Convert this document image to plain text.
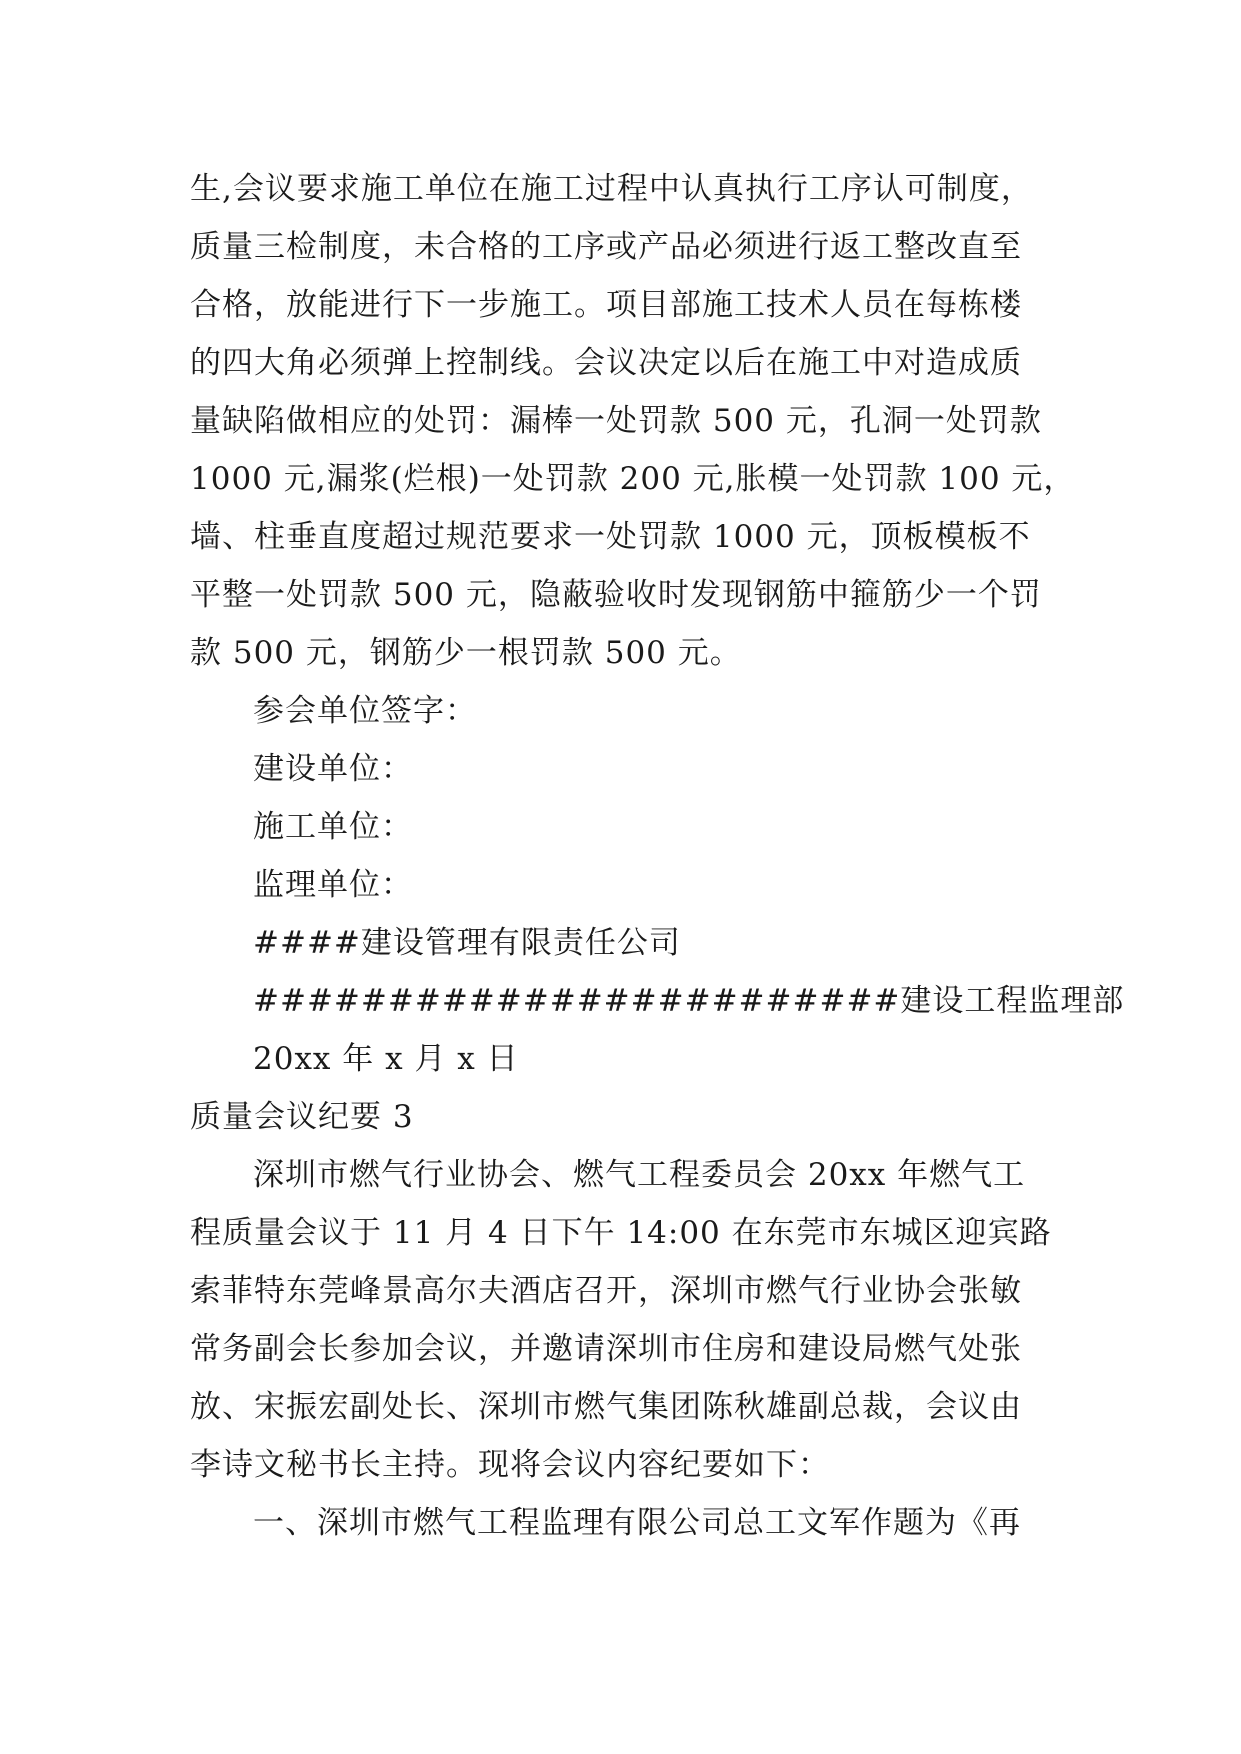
生,会议要求施工单位在施工过程中认真执行工序认可制度，
质量三检制度，未合格的工序或产品必须进行返工整改直至
合格，放能进行下一步施工。项目部施工技术人员在每栋楼
的四大角必须弹上控制线。会议决定以后在施工中对造成质
量缺陷做相应的处罚：漏棒一处罚款 500 元，孔洞一处罚款
1000 元,漏浆(烂根)一处罚款 200 元,胀模一处罚款 100 元，
墙、柱垂直度超过规范要求一处罚款 1000 元，顶板模板不
平整一处罚款 500 元，隐蔽验收时发现钢筋中箍筋少一个罚
款 500 元，钢筋少一根罚款 500 元。
参会单位签字：
建设单位：
施工单位：
监理单位：
####建设管理有限责任公司
########################建设工程监理部
20xx 年 x 月 x 日
质量会议纪要 3
深圳市燃气行业协会、燃气工程委员会 20xx 年燃气工
程质量会议于 11 月 4 日下午 14:00 在东莞市东城区迎宾路
索菲特东莞峰景高尔夫酒店召开，深圳市燃气行业协会张敏
常务副会长参加会议，并邀请深圳市住房和建设局燃气处张
放、宋振宏副处长、深圳市燃气集团陈秋雄副总裁，会议由
李诗文秘书长主持。现将会议内容纪要如下：
一、深圳市燃气工程监理有限公司总工文军作题为《再
